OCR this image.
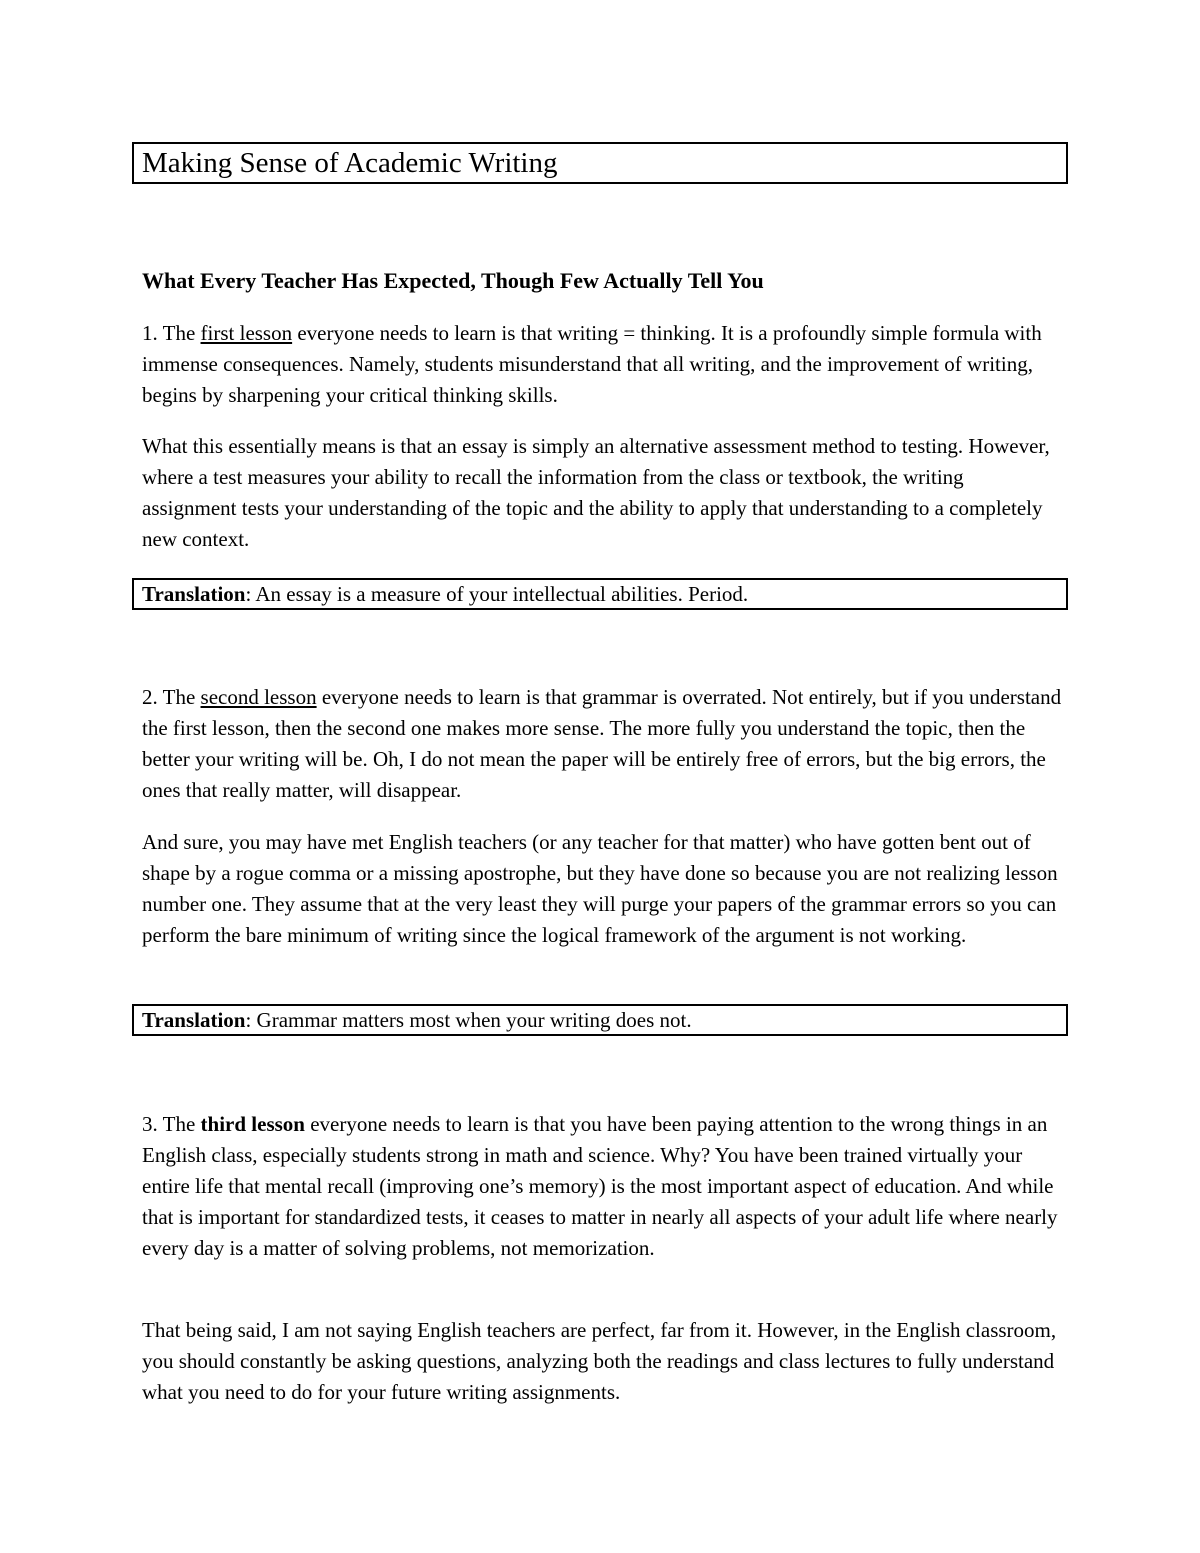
Making Sense of Academic Writing
What Every Teacher Has Expected, Though Few Actually Tell You

1. The first lesson everyone needs to learn is that writing = thinking. It is a profoundly simple formula with immense consequences. Namely, students misunderstand that all writing, and the improvement of writing, begins by sharpening your critical thinking skills.

What this essentially means is that an essay is simply an alternative assessment method to testing. However, where a test measures your ability to recall the information from the class or textbook, the writing assignment tests your understanding of the topic and the ability to apply that understanding to a completely new context.

Translation: An essay is a measure of your intellectual abilities. Period.

2. The second lesson everyone needs to learn is that grammar is overrated. Not entirely, but if you understand the first lesson, then the second one makes more sense. The more fully you understand the topic, then the better your writing will be. Oh, I do not mean the paper will be entirely free of errors, but the big errors, the ones that really matter, will disappear.

And sure, you may have met English teachers (or any teacher for that matter) who have gotten bent out of shape by a rogue comma or a missing apostrophe, but they have done so because you are not realizing lesson number one. They assume that at the very least they will purge your papers of the grammar errors so you can perform the bare minimum of writing since the logical framework of the argument is not working.

Translation: Grammar matters most when your writing does not.

3. The third lesson everyone needs to learn is that you have been paying attention to the wrong things in an English class, especially students strong in math and science. Why? You have been trained virtually your entire life that mental recall (improving one’s memory) is the most important aspect of education. And while that is important for standardized tests, it ceases to matter in nearly all aspects of your adult life where nearly every day is a matter of solving problems, not memorization.

That being said, I am not saying English teachers are perfect, far from it. However, in the English classroom, you should constantly be asking questions, analyzing both the readings and class lectures to fully understand what you need to do for your future writing assignments.
